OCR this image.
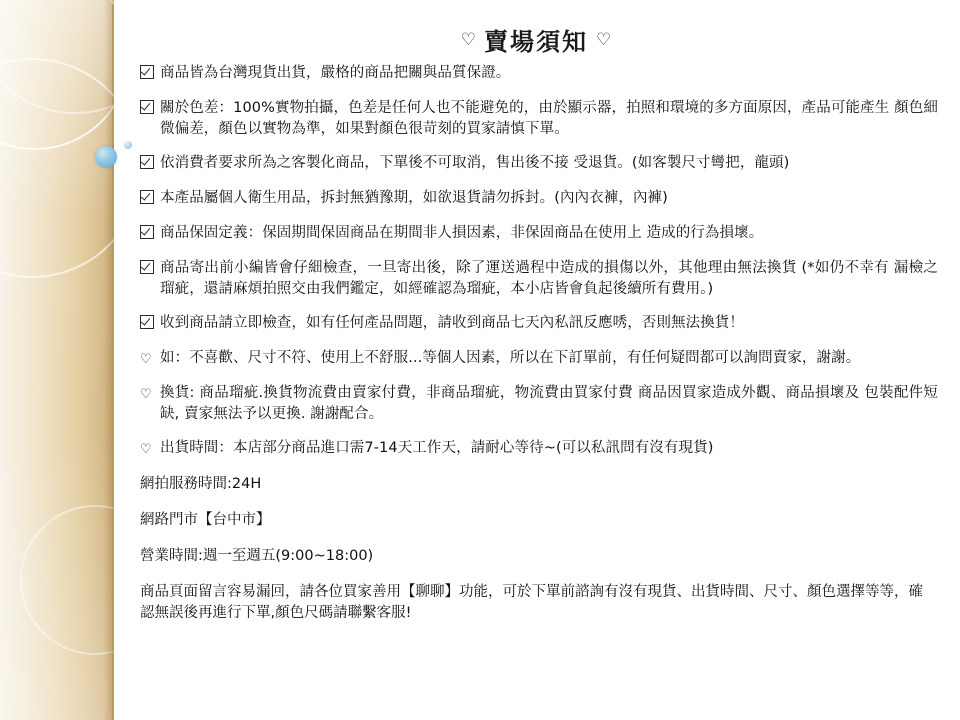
♡ 賣場須知 ♡
商品皆為台灣現貨出貨，嚴格的商品把關與品質保證。
關於色差：100%實物拍攝，色差是任何人也不能避免的，由於顯示器，拍照和環境的多方面原因，產品可能產生 顏色細微偏差，顏色以實物為準，如果對顏色很苛刻的買家請慎下單。
依消費者要求所為之客製化商品，下單後不可取消，售出後不接 受退貨。(如客製尺寸彎把，龍頭)
本產品屬個人衛生用品，拆封無猶豫期，如欲退貨請勿拆封。(內內衣褲，內褲)
商品保固定義：保固期間保固商品在期間非人損因素，非保固商品在使用上 造成的行為損壞。
商品寄出前小編皆會仔細檢查，一旦寄出後，除了運送過程中造成的損傷以外，其他理由無法換貨 (*如仍不幸有 漏檢之瑠疵，還請麻煩拍照交由我們鑑定，如經確認為瑠疵，本小店皆會負起後續所有費用。)
收到商品請立即檢查，如有任何產品問題，請收到商品七天內私訊反應唀，否則無法換貨！
♡ 如：不喜歡、尺寸不符、使用上不舒服...等個人因素，所以在下訂單前，有任何疑問都可以詢問賣家，謝謝。
♡ 換貨: 商品瑠疵.換貨物流費由賣家付費，非商品瑠疵，物流費由買家付費 商品因買家造成外觀、商品損壞及 包裝配件短 缺, 賣家無法予以更換. 謝謝配合。
♡ 出貨時間：本店部分商品進口需7-14天工作天，請耐心等待~(可以私訊問有沒有現貨)
網拍服務時間:24H
網路門市【台中市】
營業時間:週一至週五(9:00~18:00)
商品頁面留言容易漏回，請各位買家善用【聊聊】功能，可於下單前諮詢有沒有現貨、出貨時間、尺寸、顏色選擇等等，確認無誤後再進行下單,顏色尺碼請聯繫客服!
